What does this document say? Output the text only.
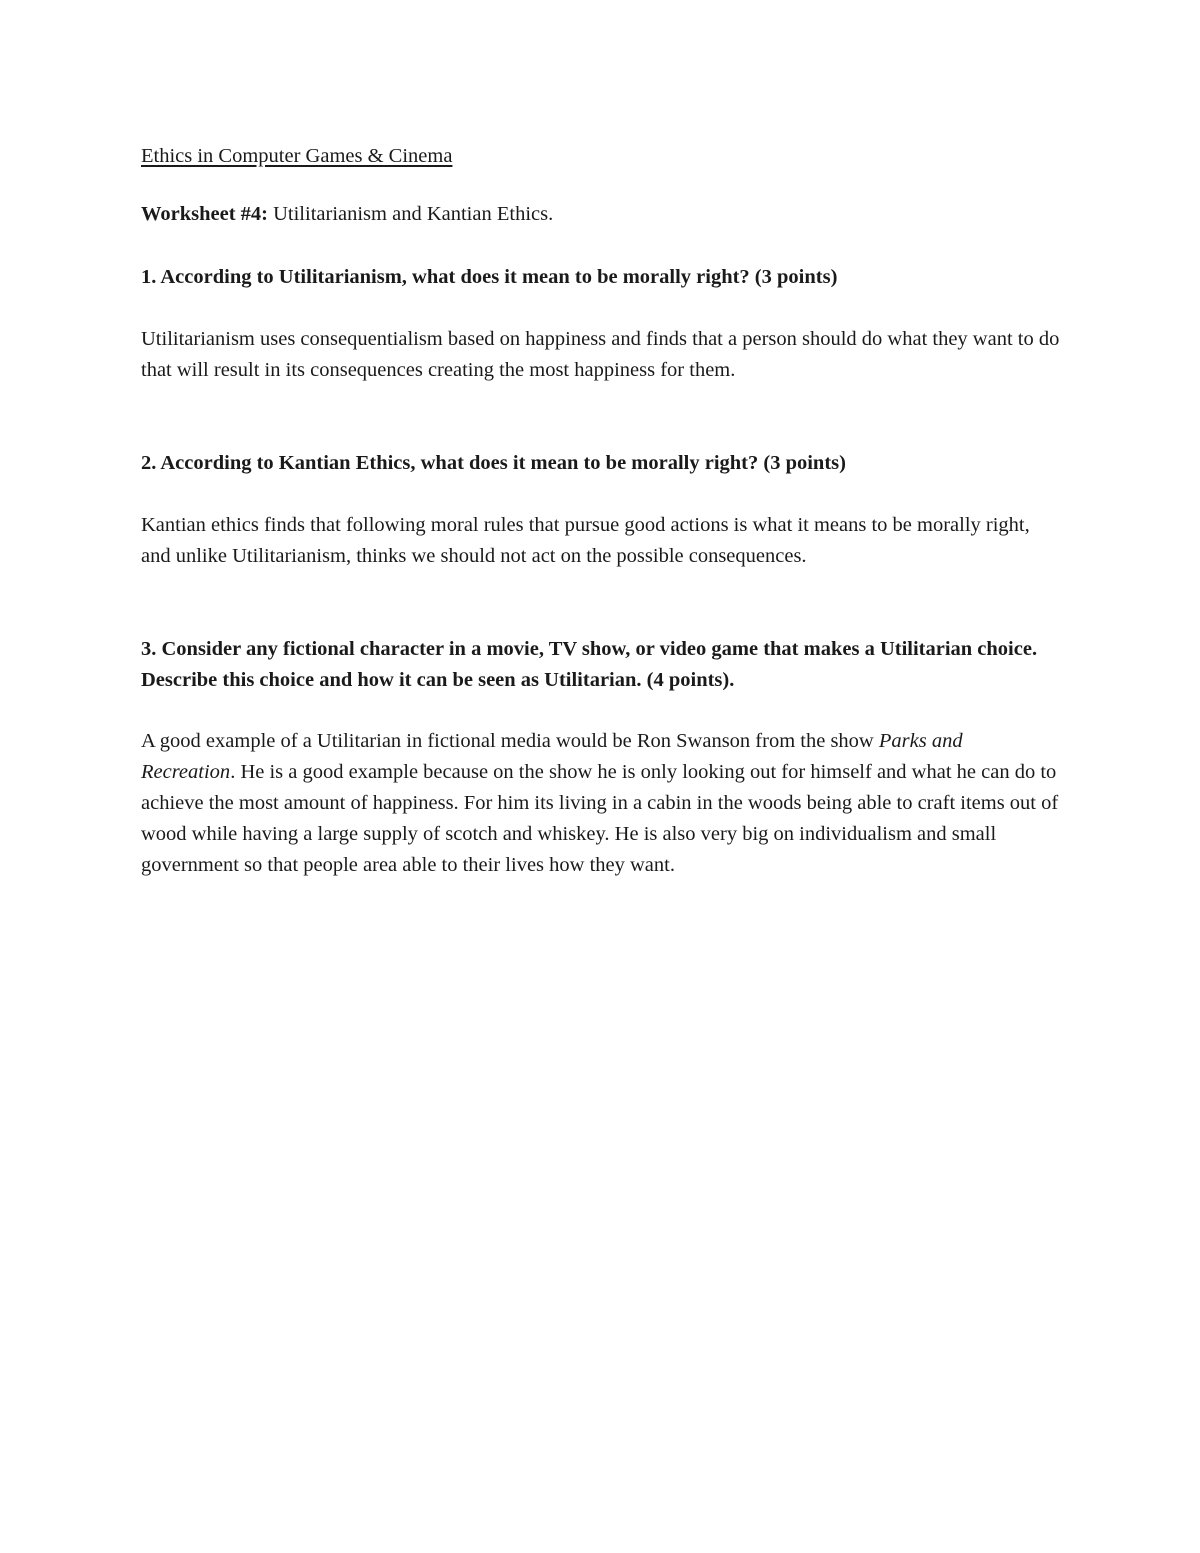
Ethics in Computer Games & Cinema

Worksheet #4: Utilitarianism and Kantian Ethics.

1. According to Utilitarianism, what does it mean to be morally right? (3 points)

Utilitarianism uses consequentialism based on happiness and finds that a person should do what they want to do that will result in its consequences creating the most happiness for them.

2. According to Kantian Ethics, what does it mean to be morally right? (3 points)

Kantian ethics finds that following moral rules that pursue good actions is what it means to be morally right, and unlike Utilitarianism, thinks we should not act on the possible consequences.

3. Consider any fictional character in a movie, TV show, or video game that makes a Utilitarian choice. Describe this choice and how it can be seen as Utilitarian. (4 points).

A good example of a Utilitarian in fictional media would be Ron Swanson from the show Parks and Recreation. He is a good example because on the show he is only looking out for himself and what he can do to achieve the most amount of happiness. For him its living in a cabin in the woods being able to craft items out of wood while having a large supply of scotch and whiskey. He is also very big on individualism and small government so that people area able to their lives how they want.
